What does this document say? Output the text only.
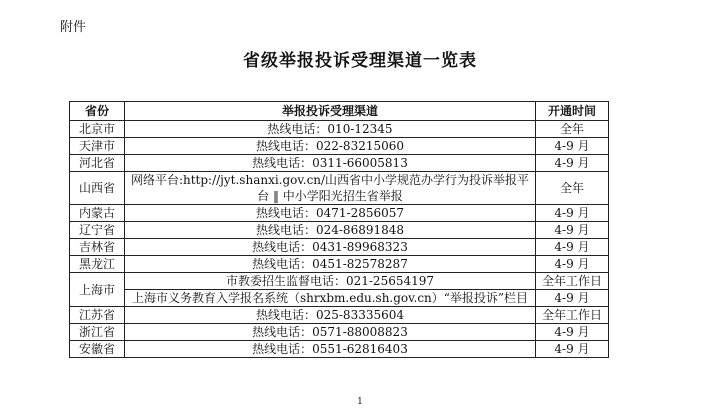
附件
省级举报投诉受理渠道一览表
省份	举报投诉受理渠道	开通时间
北京市	热线电话：010-12345	全年
天津市	热线电话：022-83215060	4-9 月
河北省	热线电话：0311-66005813	4-9 月
山西省	网络平台:http://jyt.shanxi.gov.cn/山西省中小学规范办学行为投诉举报平台 ‖ 中小学阳光招生省举报	全年
内蒙古	热线电话：0471-2856057	4-9 月
辽宁省	热线电话：024-86891848	4-9 月
吉林省	热线电话：0431-89968323	4-9 月
黑龙江	热线电话：0451-82578287	4-9 月
上海市	市教委招生监督电话：021-25654197	全年工作日
	上海市义务教育入学报名系统（shrxbm.edu.sh.gov.cn）“举报投诉”栏目	4-9 月
江苏省	热线电话：025-83335604	全年工作日
浙江省	热线电话：0571-88008823	4-9 月
安徽省	热线电话：0551-62816403	4-9 月
1
